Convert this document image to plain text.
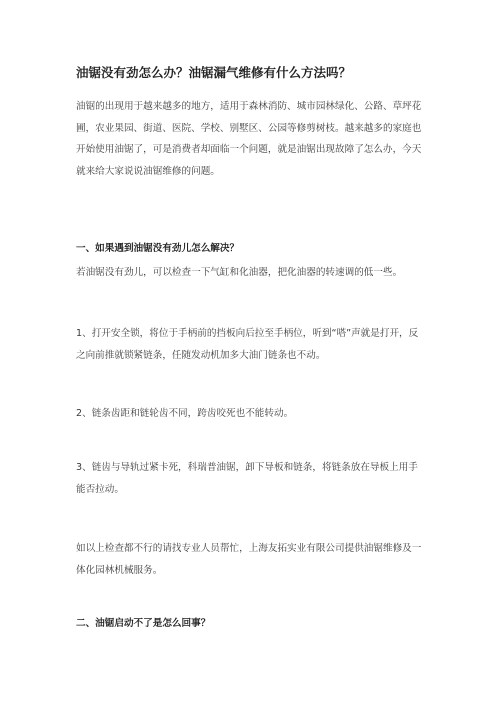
油锯没有劲怎么办？油锯漏气维修有什么方法吗？

油锯的出现用于越来越多的地方，适用于森林消防、城市园林绿化、公路、草坪花圃，农业果园、街道、医院、学校、别墅区、公园等修剪树枝。越来越多的家庭也开始使用油锯了，可是消费者却面临一个问题，就是油锯出现故障了怎么办，今天就来给大家说说油锯维修的问题。

一、如果遇到油锯没有劲儿怎么解决？

若油锯没有劲儿，可以检查一下气缸和化油器，把化油器的转速调的低一些。

1、打开安全锁，将位于手柄前的挡板向后拉至手柄位，听到“嗒”声就是打开，反之向前推就锁紧链条，任随发动机加多大油门链条也不动。

2、链条齿距和链轮齿不同，跨齿咬死也不能转动。

3、链齿与导轨过紧卡死，科瑞普油锯，卸下导板和链条，将链条放在导板上用手能否拉动。

如以上检查都不行的请找专业人员帮忙，上海友拓实业有限公司提供油锯维修及一体化园林机械服务。

二、油锯启动不了是怎么回事？
